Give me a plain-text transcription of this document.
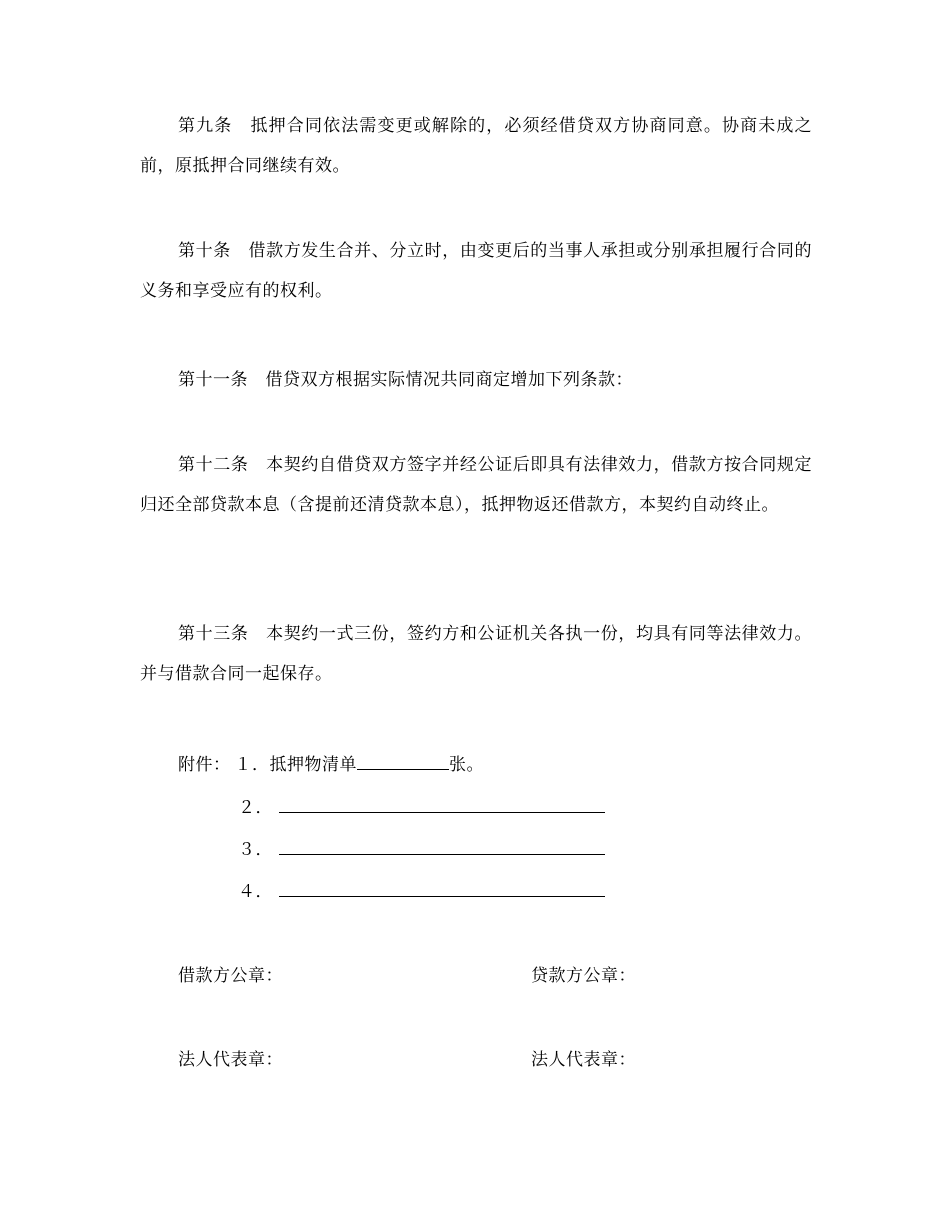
第九条　 抵押合同依法需变更或解除的，必须经借贷双方协商同意。协商未成之前，原抵押合同继续有效。

第十条　 借款方发生合并、分立时，由变更后的当事人承担或分别承担履行合同的义务和享受应有的权利。

第十一条　 借贷双方根据实际情况共同商定增加下列条款：

第十二条　 本契约自借贷双方签字并经公证后即具有法律效力，借款方按合同规定归还全部贷款本息（含提前还清贷款本息），抵押物返还借款方，本契约自动终止。

第十三条　 本契约一式三份，签约方和公证机关各执一份，均具有同等法律效力。并与借款合同一起保存。

附件： １．抵押物清单	张。
２．
３．
４．
借款方公章：	贷款方公章：
法人代表章：	法人代表章：
